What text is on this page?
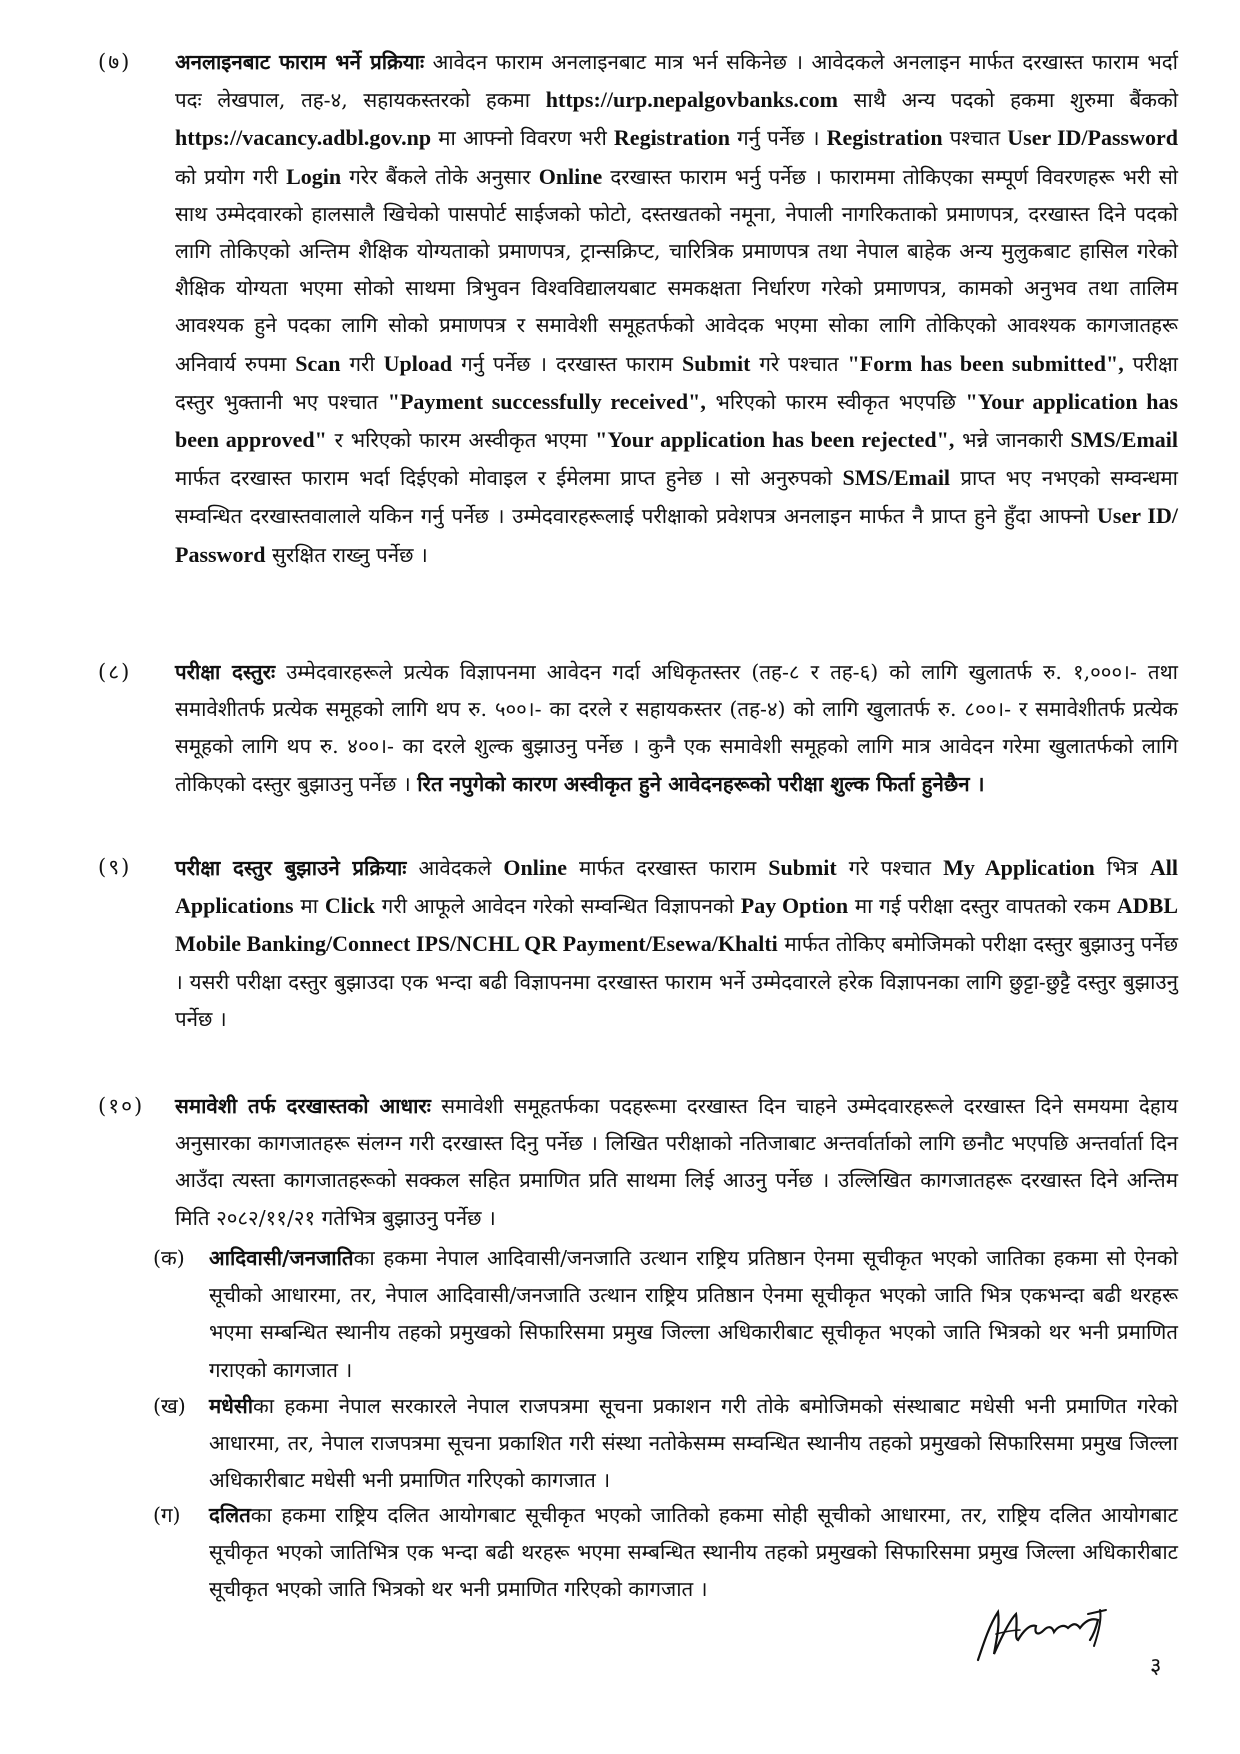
(७)	अनलाइनबाट फाराम भर्ने प्रक्रियाः आवेदन फाराम अनलाइनबाट मात्र भर्न सकिनेछ । आवेदकले अनलाइन मार्फत दरखास्त फाराम भर्दा पदः लेखपाल, तह-४, सहायकस्तरको हकमा https://urp.nepalgovbanks.com साथै अन्य पदको हकमा शुरुमा बैंकको https://vacancy.adbl.gov.np मा आफ्नो विवरण भरी Registration गर्नु पर्नेछ । Registration पश्चात User ID/Password को प्रयोग गरी Login गरेर बैंकले तोके अनुसार Online दरखास्त फाराम भर्नु पर्नेछ । फाराममा तोकिएका सम्पूर्ण विवरणहरू भरी सो साथ उम्मेदवारको हालसालै खिचेको पासपोर्ट साईजको फोटो, दस्तखतको नमूना, नेपाली नागरिकताको प्रमाणपत्र, दरखास्त दिने पदको लागि तोकिएको अन्तिम शैक्षिक योग्यताको प्रमाणपत्र, ट्रान्सक्रिप्ट, चारित्रिक प्रमाणपत्र तथा नेपाल बाहेक अन्य मुलुकबाट हासिल गरेको शैक्षिक योग्यता भएमा सोको साथमा त्रिभुवन विश्वविद्यालयबाट समकक्षता निर्धारण गरेको प्रमाणपत्र, कामको अनुभव तथा तालिम आवश्यक हुने पदका लागि सोको प्रमाणपत्र र समावेशी समूहतर्फको आवेदक भएमा सोका लागि तोकिएको आवश्यक कागजातहरू अनिवार्य रुपमा Scan गरी Upload गर्नु पर्नेछ । दरखास्त फाराम Submit गरे पश्चात "Form has been submitted", परीक्षा दस्तुर भुक्तानी भए पश्चात "Payment successfully received", भरिएको फारम स्वीकृत भएपछि "Your application has been approved" र भरिएको फारम अस्वीकृत भएमा "Your application has been rejected", भन्ने जानकारी SMS/Email मार्फत दरखास्त फाराम भर्दा दिईएको मोवाइल र ईमेलमा प्राप्त हुनेछ । सो अनुरुपको SMS/Email प्राप्त भए नभएको सम्वन्धमा सम्वन्धित दरखास्तवालाले यकिन गर्नु पर्नेछ । उम्मेदवारहरूलाई परीक्षाको प्रवेशपत्र अनलाइन मार्फत नै प्राप्त हुने हुँदा आफ्नो User ID/ Password सुरक्षित राख्नु पर्नेछ ।
(८)	परीक्षा दस्तुरः उम्मेदवारहरूले प्रत्येक विज्ञापनमा आवेदन गर्दा अधिकृतस्तर (तह-८ र तह-६) को लागि खुलातर्फ रु. १,०००।- तथा समावेशीतर्फ प्रत्येक समूहको लागि थप रु. ५००।- का दरले र सहायकस्तर (तह-४) को लागि खुलातर्फ रु. ८००।- र समावेशीतर्फ प्रत्येक समूहको लागि थप रु. ४००।- का दरले शुल्क बुझाउनु पर्नेछ । कुनै एक समावेशी समूहको लागि मात्र आवेदन गरेमा खुलातर्फको लागि तोकिएको दस्तुर बुझाउनु पर्नेछ । रित नपुगेको कारण अस्वीकृत हुने आवेदनहरूको परीक्षा शुल्क फिर्ता हुनेछैन ।
(९)	परीक्षा दस्तुर बुझाउने प्रक्रियाः आवेदकले Online मार्फत दरखास्त फाराम Submit गरे पश्चात My Application भित्र All Applications मा Click गरी आफूले आवेदन गरेको सम्वन्धित विज्ञापनको Pay Option मा गई परीक्षा दस्तुर वापतको रकम ADBL Mobile Banking/Connect IPS/NCHL QR Payment/Esewa/Khalti मार्फत तोकिए बमोजिमको परीक्षा दस्तुर बुझाउनु पर्नेछ । यसरी परीक्षा दस्तुर बुझाउदा एक भन्दा बढी विज्ञापनमा दरखास्त फाराम भर्ने उम्मेदवारले हरेक विज्ञापनका लागि छुट्टा-छुट्टै दस्तुर बुझाउनु पर्नेछ ।
(१०)	समावेशी तर्फ दरखास्तको आधारः समावेशी समूहतर्फका पदहरूमा दरखास्त दिन चाहने उम्मेदवारहरूले दरखास्त दिने समयमा देहाय अनुसारका कागजातहरू संलग्न गरी दरखास्त दिनु पर्नेछ । लिखित परीक्षाको नतिजाबाट अन्तर्वार्ताको लागि छनौट भएपछि अन्तर्वार्ता दिन आउँदा त्यस्ता कागजातहरूको सक्कल सहित प्रमाणित प्रति साथमा लिई आउनु पर्नेछ । उल्लिखित कागजातहरू दरखास्त दिने अन्तिम मिति २०८२/११/२१ गतेभित्र बुझाउनु पर्नेछ ।
(क)	आदिवासी/जनजातिका हकमा नेपाल आदिवासी/जनजाति उत्थान राष्ट्रिय प्रतिष्ठान ऐनमा सूचीकृत भएको जातिका हकमा सो ऐनको सूचीको आधारमा, तर, नेपाल आदिवासी/जनजाति उत्थान राष्ट्रिय प्रतिष्ठान ऐनमा सूचीकृत भएको जाति भित्र एकभन्दा बढी थरहरू भएमा सम्बन्धित स्थानीय तहको प्रमुखको सिफारिसमा प्रमुख जिल्ला अधिकारीबाट सूचीकृत भएको जाति भित्रको थर भनी प्रमाणित गराएको कागजात ।
(ख)	मधेसीका हकमा नेपाल सरकारले नेपाल राजपत्रमा सूचना प्रकाशन गरी तोके बमोजिमको संस्थाबाट मधेसी भनी प्रमाणित गरेको आधारमा, तर, नेपाल राजपत्रमा सूचना प्रकाशित गरी संस्था नतोकेसम्म सम्वन्धित स्थानीय तहको प्रमुखको सिफारिसमा प्रमुख जिल्ला अधिकारीबाट मधेसी भनी प्रमाणित गरिएको कागजात ।
(ग)	दलितका हकमा राष्ट्रिय दलित आयोगबाट सूचीकृत भएको जातिको हकमा सोही सूचीको आधारमा, तर, राष्ट्रिय दलित आयोगबाट सूचीकृत भएको जातिभित्र एक भन्दा बढी थरहरू भएमा सम्बन्धित स्थानीय तहको प्रमुखको सिफारिसमा प्रमुख जिल्ला अधिकारीबाट सूचीकृत भएको जाति भित्रको थर भनी प्रमाणित गरिएको कागजात ।
३
